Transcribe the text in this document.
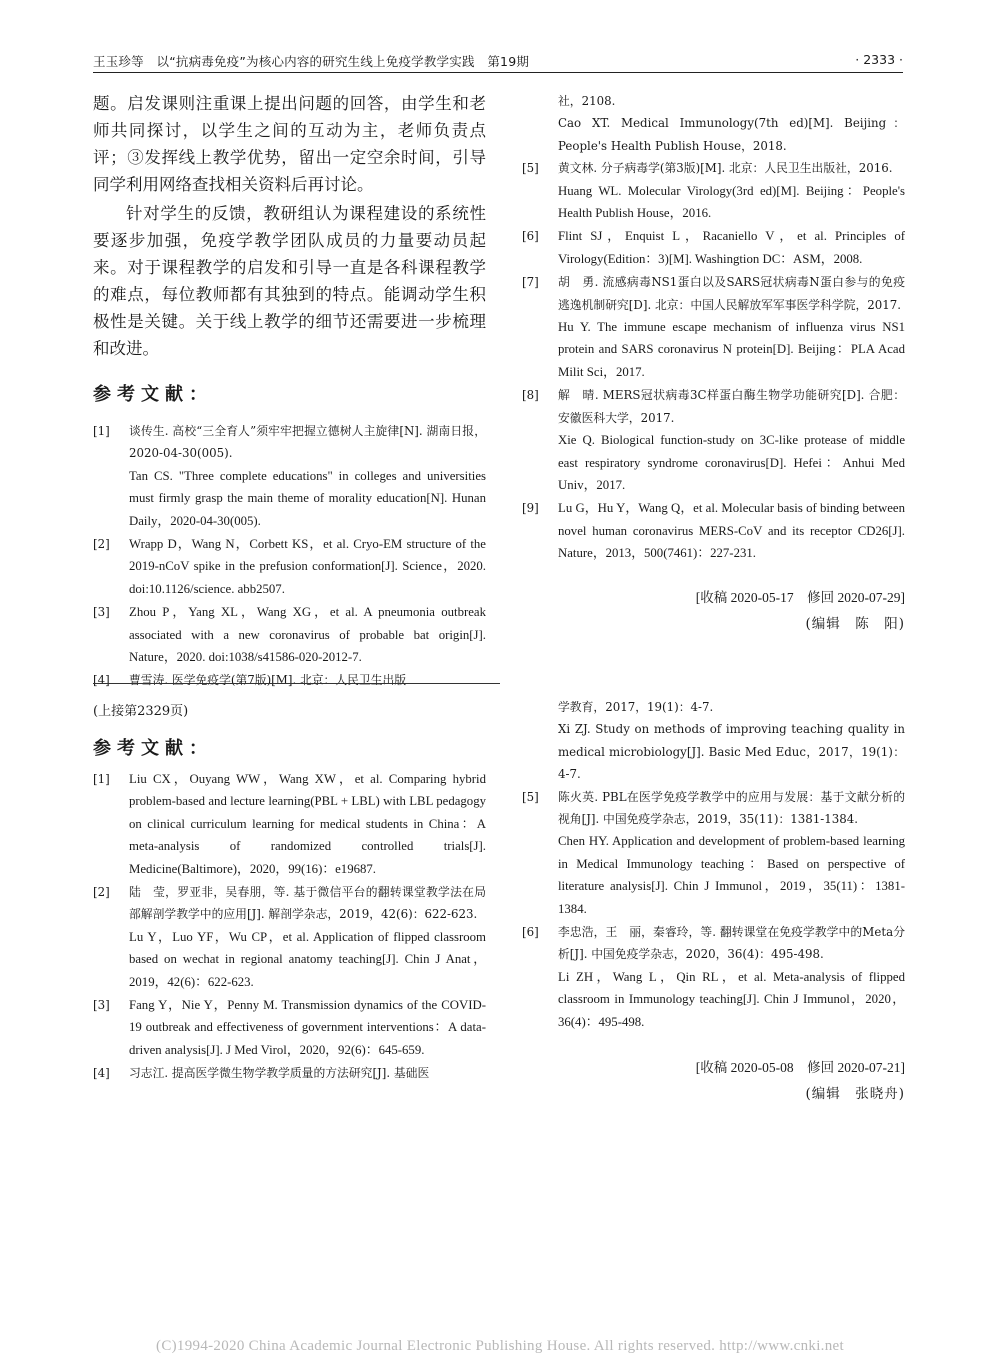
王玉珍等　以“抗病毒免疫”为核心内容的研究生线上免疫学教学实践　第19期	· 2333 ·

题。启发课则注重课上提出问题的回答，由学生和老师共同探讨，以学生之间的互动为主，老师负责点评；③发挥线上教学优势，留出一定空余时间，引导同学利用网络查找相关资料后再讨论。

针对学生的反馈，教研组认为课程建设的系统性要逐步加强，免疫学教学团队成员的力量要动员起来。对于课程教学的启发和引导一直是各科课程教学的难点，每位教师都有其独到的特点。能调动学生积极性是关键。关于线上教学的细节还需要进一步梳理和改进。

参考文献：

[1] 谈传生. 高校“三全育人”须牢牢把握立德树人主旋律[N]. 湖南日报，2020-04-30(005).
Tan CS. "Three complete educations" in colleges and universities must firmly grasp the main theme of morality education[N]. Hunan Daily，2020-04-30(005).
[2] Wrapp D，Wang N，Corbett KS，et al. Cryo-EM structure of the 2019-nCoV spike in the prefusion conformation[J]. Science，2020. doi:10.1126/science. abb2507.
[3] Zhou P，Yang XL，Wang XG，et al. A pneumonia outbreak associated with a new coronavirus of probable bat origin[J]. Nature，2020. doi:1038/s41586-020-2012-7.
[4] 曹雪涛. 医学免疫学(第7版)[M]. 北京：人民卫生出版
社，2108.
Cao XT. Medical Immunology(7th ed)[M]. Beijing：People's Health Publish House，2018.
[5] 黄文林. 分子病毒学(第3版)[M]. 北京：人民卫生出版社，2016.
Huang WL. Molecular Virology(3rd ed)[M]. Beijing：People's Health Publish House，2016.
[6] Flint SJ，Enquist L，Racaniello V，et al. Principles of Virology(Edition：3)[M]. Washingtion DC：ASM，2008.
[7] 胡　勇. 流感病毒NS1蛋白以及SARS冠状病毒N蛋白参与的免疫逃逸机制研究[D]. 北京：中国人民解放军军事医学科学院，2017.
Hu Y. The immune escape mechanism of influenza virus NS1 protein and SARS coronavirus N protein[D]. Beijing：PLA Acad Milit Sci，2017.
[8] 解　晴. MERS冠状病毒3C样蛋白酶生物学功能研究[D]. 合肥：安徽医科大学，2017.
Xie Q. Biological function-study on 3C-like protease of middle east respiratory syndrome coronavirus[D]. Hefei：Anhui Med Univ，2017.
[9] Lu G，Hu Y，Wang Q，et al. Molecular basis of binding between novel human coronavirus MERS-CoV and its receptor CD26[J]. Nature，2013，500(7461)：227-231.
[收稿 2020-05-17　修回 2020-07-29]
(编辑　陈　阳)
(上接第2329页)

参考文献：

[1] Liu CX，Ouyang WW，Wang XW，et al. Comparing hybrid problem-based and lecture learning(PBL + LBL) with LBL pedagogy on clinical curriculum learning for medical students in China：A meta-analysis of randomized controlled trials[J]. Medicine(Baltimore)，2020，99(16)：e19687.
[2] 陆　莹，罗亚非，吴春朋，等. 基于微信平台的翻转课堂教学法在局部解剖学教学中的应用[J]. 解剖学杂志，2019，42(6)：622-623.
Lu Y，Luo YF，Wu CP，et al. Application of flipped classroom based on wechat in regional anatomy teaching[J]. Chin J Anat，2019，42(6)：622-623.
[3] Fang Y，Nie Y，Penny M. Transmission dynamics of the COVID-19 outbreak and effectiveness of government interventions：A data-driven analysis[J]. J Med Virol，2020，92(6)：645-659.
[4] 习志江. 提高医学微生物学教学质量的方法研究[J]. 基础医
学教育，2017，19(1)：4-7.
Xi ZJ. Study on methods of improving teaching quality in medical microbiology[J]. Basic Med Educ，2017，19(1)：4-7.
[5] 陈火英. PBL在医学免疫学教学中的应用与发展：基于文献分析的视角[J]. 中国免疫学杂志，2019，35(11)：1381-1384.
Chen HY. Application and development of problem-based learning in Medical Immunology teaching：Based on perspective of literature analysis[J]. Chin J Immunol，2019，35(11)：1381-1384.
[6] 李忠浩，王　丽，秦睿玲，等. 翻转课堂在免疫学教学中的Meta分析[J]. 中国免疫学杂志，2020，36(4)：495-498.
Li ZH，Wang L，Qin RL，et al. Meta-analysis of flipped classroom in Immunology teaching[J]. Chin J Immunol，2020，36(4)：495-498.
[收稿 2020-05-08　修回 2020-07-21]
(编辑　张晓舟)
(C)1994-2020 China Academic Journal Electronic Publishing House. All rights reserved. http://www.cnki.net
